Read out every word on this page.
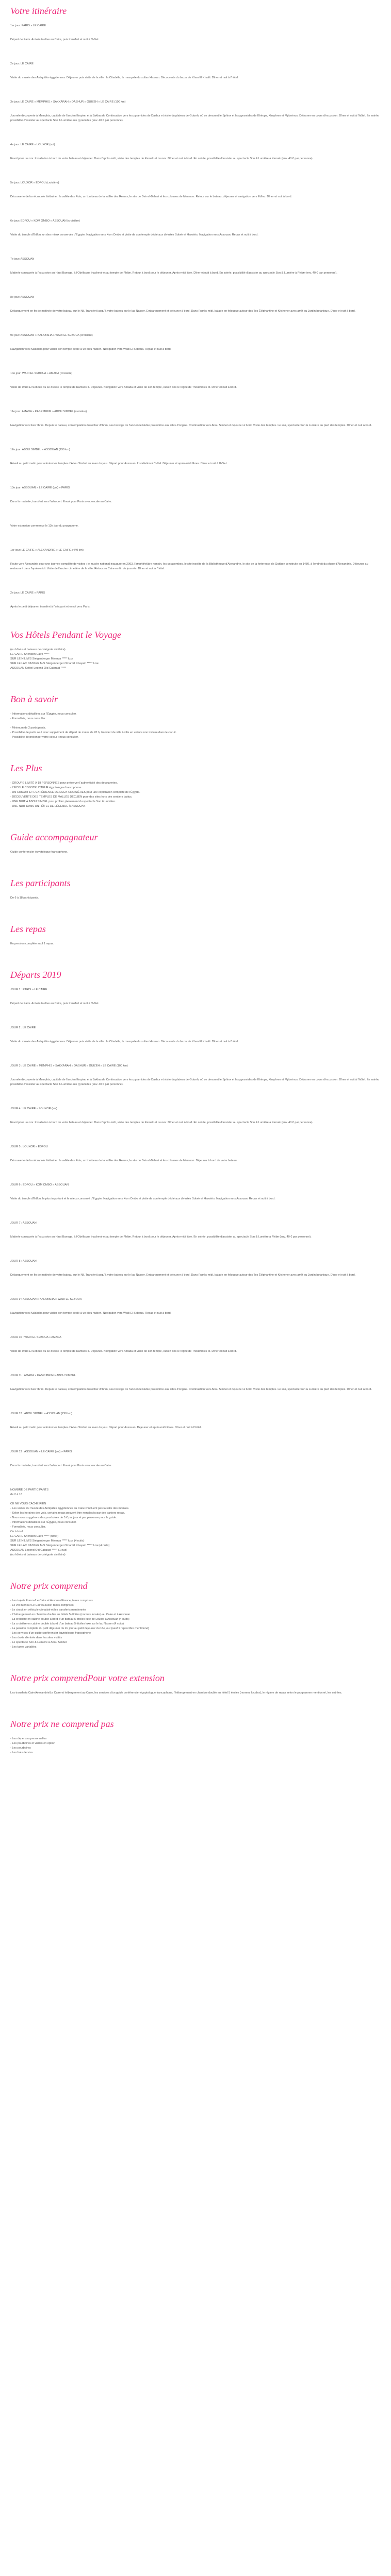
Votre itinéraire
1er jour: PARIS » LE CAIRE
Départ de Paris. Arrivée tardive au Caire, puis transfert et nuit à l'hôtel.
2e jour: LE CAIRE
Visite du musée des Antiquités égyptiennes. Déjeuner puis visite de la ville : la Citadelle, la mosquée du sultan Hassan. Découverte du bazar de Khan El Khalili. Dîner et nuit à l'hôtel.
3e jour: LE CAIRE » MEMPHIS » SAKKARAH » DASHUR » GUIZEH » LE CAIRE (100 km)
Journée découverte à Memphis, capitale de l'ancien Empire, et à Sakkarah. Continuation vers les pyramides de Dashur et visite du plateau de Guizeh, où se dressent le Sphinx et les pyramides de Khéops, Khephren et Mykerinos. Déjeuner en cours d'excursion. Dîner et nuit à l'hôtel. En soirée, possibilité d'assister au spectacle Son & Lumière aux pyramides (env. 40 € par personne).
4e jour: LE CAIRE » LOUXOR (vol)
Envol pour Louxor. Installation à bord de votre bateau et déjeuner. Dans l'après-midi, visite des temples de Karnak et Louxor. Dîner et nuit à bord. En soirée, possibilité d'assister au spectacle Son & Lumière à Karnak (env. 40 € par personne).
5e jour: LOUXOR » EDFOU (croisière)
Découverte de la nécropole thébaine : la vallée des Rois, un tombeau de la vallée des Reines, le site de Deir el-Bahari et les colosses de Memnon. Retour sur le bateau, déjeuner et navigation vers Edfou. Dîner et nuit à bord.
6e jour: EDFOU » KOM OMBO » ASSOUAN (croisière)
Visite du temple d'Edfou, un des mieux conservés d'Égypte. Navigation vers Kom Ombo et visite de son temple dédié aux divinités Sobek et Haroéris. Navigation vers Assouan. Repas et nuit à bord.
7e jour: ASSOUAN
Matinée consacrée à l'excursion au Haut Barrage, à l'Obélisque inachevé et au temple de Philæ. Retour à bord pour le déjeuner. Après-midi libre. Dîner et nuit à bord. En soirée, possibilité d'assister au spectacle Son & Lumière à Philæ (env. 40 € par personne).
8e jour: ASSOUAN
Débarquement en fin de matinée de votre bateau sur le Nil. Transfert jusqu'à votre bateau sur le lac Nasser. Embarquement et déjeuner à bord. Dans l'après-midi, balade en felouque autour des îles Éléphantine et Kitchener avec arrêt au Jardin botanique. Dîner et nuit à bord.
9e jour: ASSOUAN » KALABSHA » WADI EL SEBOUA (croisière)
Navigation vers Kalabsha pour visiter son temple dédié à un dieu nubien. Navigation vers Wadi El Seboua. Repas et nuit à bord.
10e jour: WADI EL SEBOUA » AMADA (croisière)
Visite de Wadi El Seboua ou se dresse le temple de Ramsès II. Déjeuner. Navigation vers Amada et visite de son temple, ouvert dès le règne de Thoutmosis III. Dîner et nuit à bord.
11e jour: AMADA » KASR IBRIM » ABOU SIMBEL (croisière)
Navigation vers Kasr Ibrim. Depuis le bateau, contemplation du rocher d'Ibrim, seul vestige de l'ancienne Nubie protectrice aux sites d'origine. Continuation vers Abou Simbel et déjeuner à bord. Visite des temples. Le soir, spectacle Son & Lumière au pied des temples. Dîner et nuit à bord.
12e jour: ABOU SIMBEL » ASSOUAN (290 km)
Réveil au petit matin pour admirer les temples d'Abou Simbel au lever du jour. Départ pour Assouan. Installation à l'hôtel. Déjeuner et après-midi libres. Dîner et nuit à l'hôtel.
13e jour: ASSOUAN » LE CAIRE (vol) » PARIS
Dans la matinée, transfert vers l'aéroport. Envol pour Paris avec escale au Caire.
Votre extension commence le 13e jour du programme.
1er jour: LE CAIRE » ALEXANDRIE » LE CAIRE (440 km)
Route vers Alexandrie pour une journée complète de visites : le musée national inauguré en 2003, l'amphithéâtre romain, les catacombes, le site insolite de la Bibliothèque d'Alexandrie, le site de la forteresse de Qaitbay construite en 1480, à l'endroit du phare d'Alexandrie. Déjeuner au restaurant dans l'après-midi. Visite de l'ancien cimetière de la ville. Retour au Caire en fin de journée. Dîner et nuit à l'hôtel.
2e jour: LE CAIRE » PARIS
Après le petit déjeuner, transfert à l'aéroport et envol vers Paris.
Vos Hôtels Pendant le Voyage
(ou hôtels et bateaux de catégorie similaire)
LE CAIRE Sheraton Cairo *****
SUR LE NIL M/S Steigenberger Minerva ***** luxe
SUR LE LAC NASSER M/S Steigenberger Omar El Khayam ***** luxe
ASSOUAN Sofitel Legend Old Cataract *****
Bon à savoir
- Informations détaillées sur l'Égypte, nous consulter.
- Formalités, nous consulter.
- Minimum de 2 participants.
- Possibilité de partir seul avec supplément de départ de moins de 20 h, transfert de ville à ville en voiture non incluse dans le circuit.
- Possibilité de prolonger votre séjour : nous consulter.
Les Plus
- GROUPE LIMITÉ À 18 PERSONNES pour préserver l'authenticité des découvertes.
- L'ÉCOLE CONSTRUCTEUR égyptologue francophone.
- UN CIRCUIT ET L'EXPÉRIENCE DE DEUX CROISIÈRES pour une exploration complète de l'Égypte.
- DÉCOUVERTE DES TEMPLES DE MALLÉS DÉCLIEN pour des sites hors des sentiers battus.
- UNE NUIT À ABOU SIMBEL pour profiter pleinement du spectacle Son & Lumière.
- UNE NUIT DANS UN HÔTEL DE LÉGENDE À ASSOUAN.
Guide accompagnateur
Guide conférencier égyptologue francophone.
Les participants
De 6 à 18 participants.
Les repas
En pension complète sauf 1 repas.
Départs 2019
JOUR 1 : PARIS » LE CAIRE
Départ de Paris. Arrivée tardive au Caire, puis transfert et nuit à l'hôtel.
JOUR 2 : LE CAIRE
Visite du musée des Antiquités égyptiennes. Déjeuner puis visite de la ville : la Citadelle, la mosquée du sultan Hassan. Découverte du bazar de Khan El Khalili. Dîner et nuit à l'hôtel.
JOUR 3 : LE CAIRE » MEMPHIS » SAKKARAH » DASHUR » GUIZEH » LE CAIRE (100 km)
Journée découverte à Memphis, capitale de l'ancien Empire, et à Sakkarah. Continuation vers les pyramides de Dashur et visite du plateau de Guizeh, où se dressent le Sphinx et les pyramides de Khéops, Khephren et Mykerinos. Déjeuner en cours d'excursion. Dîner et nuit à l'hôtel. En soirée, possibilité d'assister au spectacle Son & Lumière aux pyramides (env. 40 € par personne).
JOUR 4 : LE CAIRE » LOUXOR (vol)
Envol pour Louxor. Installation à bord de votre bateau et déjeuner. Dans l'après-midi, visite des temples de Karnak et Louxor. Dîner et nuit à bord. En soirée, possibilité d'assister au spectacle Son & Lumière à Karnak (env. 40 € par personne).
JOUR 5 : LOUXOR » EDFOU
Découverte de la nécropole thébaine : la vallée des Rois, un tombeau de la vallée des Reines, le site de Deir el-Bahari et les colosses de Memnon. Déjeuner à bord de votre bateau.
JOUR 6 : EDFOU » KOM OMBO » ASSOUAN
Visite du temple d'Edfou, le plus important et le mieux conservé d'Égypte. Navigation vers Kom Ombo et visite de son temple dédié aux divinités Sobek et Haroéris. Navigation vers Assouan. Repas et nuit à bord.
JOUR 7 : ASSOUAN
Matinée consacrée à l'excursion au Haut Barrage, à l'Obélisque inachevé et au temple de Philæ. Retour à bord pour le déjeuner. Après-midi libre. En soirée, possibilité d'assister au spectacle Son & Lumière à Philæ (env. 40 € par personne).
JOUR 8 : ASSOUAN
Débarquement en fin de matinée de votre bateau sur le Nil. Transfert jusqu'à votre bateau sur le lac Nasser. Embarquement et déjeuner à bord. Dans l'après-midi, balade en felouque autour des îles Éléphantine et Kitchener avec arrêt au Jardin botanique. Dîner et nuit à bord.
JOUR 9 : ASSOUAN » KALABSHA » WADI EL SEBOUA
Navigation vers Kalabsha pour visiter son temple dédié à un dieu nubien. Navigation vers Wadi El Seboua. Repas et nuit à bord.
JOUR 10 : WADI EL SEBOUA » AMADA
Visite de Wadi El Seboua ou se dresse le temple de Ramsès II. Déjeuner. Navigation vers Amada et visite de son temple, ouvert dès le règne de Thoutmosis III. Dîner et nuit à bord.
JOUR 11 : AMADA » KASR IBRIM » ABOU SIMBEL
Navigation vers Kasr Ibrim. Depuis le bateau, contemplation du rocher d'Ibrim, seul vestige de l'ancienne Nubie protectrice aux sites d'origine. Continuation vers Abou Simbel et déjeuner à bord. Visite des temples. Le soir, spectacle Son & Lumière au pied des temples. Dîner et nuit à bord.
JOUR 12 : ABOU SIMBEL » ASSOUAN (290 km)
Réveil au petit matin pour admirer les temples d'Abou Simbel au lever du jour. Départ pour Assouan. Déjeuner et après-midi libres. Dîner et nuit à l'hôtel.
JOUR 13 : ASSOUAN » LE CAIRE (vol) » PARIS
Dans la matinée, transfert vers l'aéroport. Envol pour Paris avec escale au Caire.
NOMBRE DE PARTICIPANTS
de 2 à 18
CE NE VOUS CACHE RIEN
- Les visites du musée des Antiquités égyptiennes au Caire n'incluent pas la salle des momies.
- Selon les horaires des vols, certains repas peuvent être remplacés par des paniers-repas.
- Nous vous suggérons des pourboires de 5 € par jour et par personne pour le guide.
- Informations détaillées sur l'Égypte, nous consulter.
- Formalités, nous consulter.
Ou à bord :
LE CAIRE Sheraton Cairo ***** (hôtel)
SUR LE NIL M/S Steigenberger Minerva ***** luxe (4 nuits)
SUR LE LAC NASSER M/S Steigenberger Omar El Khayam ***** luxe (4 nuits)
ASSOUAN Legend Old Cataract ***** (1 nuit)
(ou hôtels et bateaux de catégorie similaire)
Notre prix comprend
- Les trajets France/Le Caire et Assouan/France, taxes comprises
- Le vol intérieur Le Caire/Louxor, taxes comprises
- Le circuit en véhicule climatisé et les transferts mentionnés
- L'hébergement en chambre double en hôtels 5 étoiles (normes locales) au Caire et à Assouan
- La croisière en cabine double à bord d'un bateau 5 étoiles luxe de Louxor à Assouan (4 nuits)
- La croisière en cabine double à bord d'un bateau 5 étoiles luxe sur le lac Nasser (4 nuits)
- La pension complète du petit déjeuner du 2e jour au petit déjeuner du 13e jour (sauf 1 repas libre mentionné)
- Les services d'un guide conférencier égyptologue francophone
- Les droits d'entrée dans les sites visités
- Le spectacle Son & Lumière à Abou Simbel
- Les taxes variables
Notre prix comprendPour votre extension
Les transferts Caire/Alexandrie/Le Caire et hébergement au Caire, les services d'un guide conférencier égyptologue francophone, l'hébergement en chambre double en hôtel 5 étoiles (normes locales), le régime de repas selon le programme mentionné, les entrées.
Notre prix ne comprend pas
- Les dépenses personnelles
- Les pourboires et visites en option
- Les pourboires
- Les frais de visa
